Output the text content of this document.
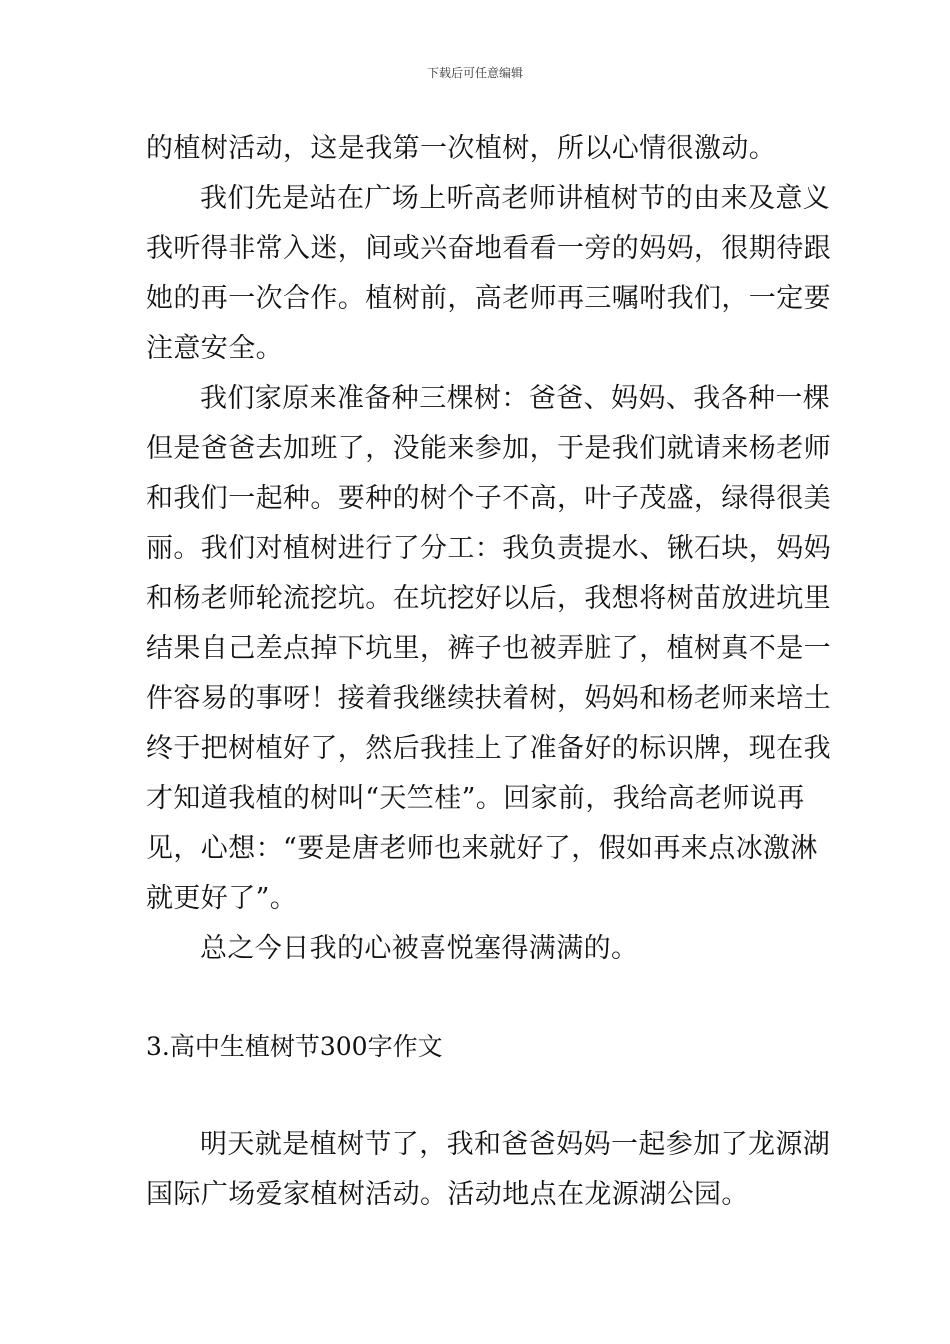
下载后可任意编辑
的植树活动，这是我第一次植树，所以心情很激动。
我们先是站在广场上听高老师讲植树节的由来及意义
我听得非常入迷，间或兴奋地看看一旁的妈妈，很期待跟
她的再一次合作。植树前，高老师再三嘱咐我们，一定要
注意安全。
我们家原来准备种三棵树：爸爸、妈妈、我各种一棵
但是爸爸去加班了，没能来参加，于是我们就请来杨老师
和我们一起种。要种的树个子不高，叶子茂盛，绿得很美
丽。我们对植树进行了分工：我负责提水、锹石块，妈妈
和杨老师轮流挖坑。在坑挖好以后，我想将树苗放进坑里
结果自己差点掉下坑里，裤子也被弄脏了，植树真不是一
件容易的事呀！接着我继续扶着树，妈妈和杨老师来培土
终于把树植好了，然后我挂上了准备好的标识牌，现在我
才知道我植的树叫“天竺桂”。回家前，我给高老师说再
见，心想：“要是唐老师也来就好了，假如再来点冰激淋
就更好了”。
总之今日我的心被喜悦塞得满满的。
3.高中生植树节300字作文
明天就是植树节了，我和爸爸妈妈一起参加了龙源湖
国际广场爱家植树活动。活动地点在龙源湖公园。
